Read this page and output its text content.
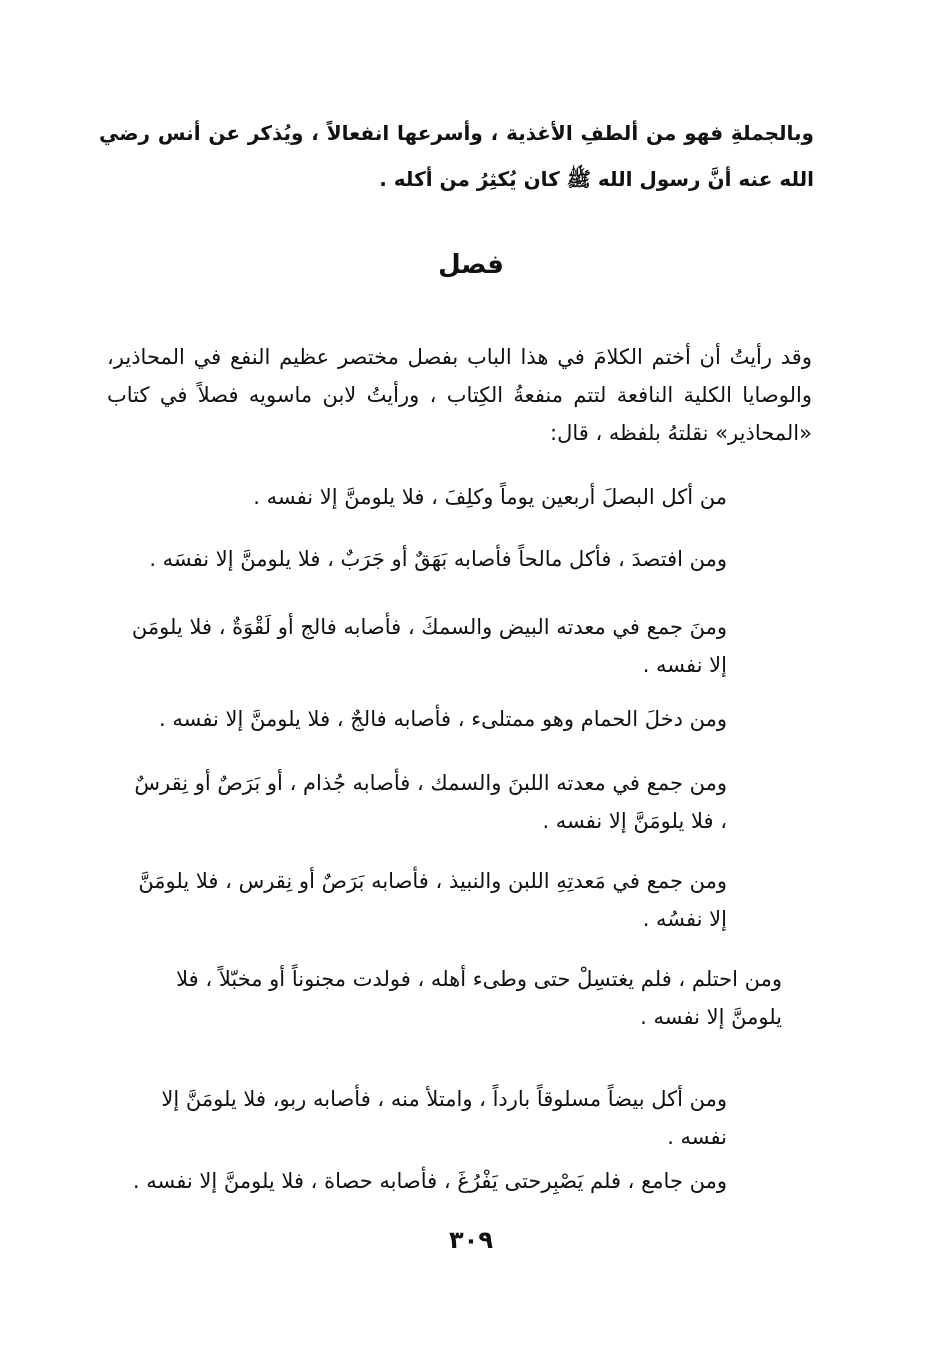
وبالجملةِ فهو من ألطفِ الأغذية ، وأسرعها انفعالاً ، ويُذكر عن أنس رضي الله عنه أنَّ رسول الله ﷺ كان يُكثِرُ من أكله .
فصل
وقد رأيتُ أن أختم الكلامَ في هذا الباب بفصل مختصر عظيم النفع في المحاذير، والوصايا الكلية النافعة لتتم منفعةُ الكِتاب ، ورأيتُ لابن ماسويه فصلاً في كتاب «المحاذير» نقلتهُ بلفظه ، قال:
من أكل البصلَ أربعين يوماً وكلِفَ ، فلا يلومنَّ إلا نفسه .
ومن افتصدَ ، فأكل مالحاً فأصابه بَهَقٌ أو جَرَبٌ ، فلا يلومنَّ إلا نفسَه .
ومنَ جمع في معدته البيض والسمكَ ، فأصابه فالج أو لَقْوَةٌ ، فلا يلومَن إلا نفسه .
ومن دخلَ الحمام وهو ممتلىء ، فأصابه فالجٌ ، فلا يلومنَّ إلا نفسه .
ومن جمع في معدته اللبنَ والسمك ، فأصابه جُذام ، أو بَرَصٌ أو نِقرسٌ ، فلا يلومَنَّ إلا نفسه .
ومن جمع في مَعدتِهِ اللبن والنبيذ ، فأصابه بَرَصٌ أو نِقرس ، فلا يلومَنَّ إلا نفسُه .
ومن احتلم ، فلم يغتسِلْ حتى وطىء أهله ، فولدت مجنوناً أو مخبّلاً ، فلا يلومنَّ إلا نفسه .
ومن أكل بيضاً مسلوقاً بارداً ، وامتلأ منه ، فأصابه ربو، فلا يلومَنَّ إلا نفسه .
ومن جامع ، فلم يَصْبِرحتى يَفْرُغَ ، فأصابه حصاة ، فلا يلومنَّ إلا نفسه .
٣٠٩
